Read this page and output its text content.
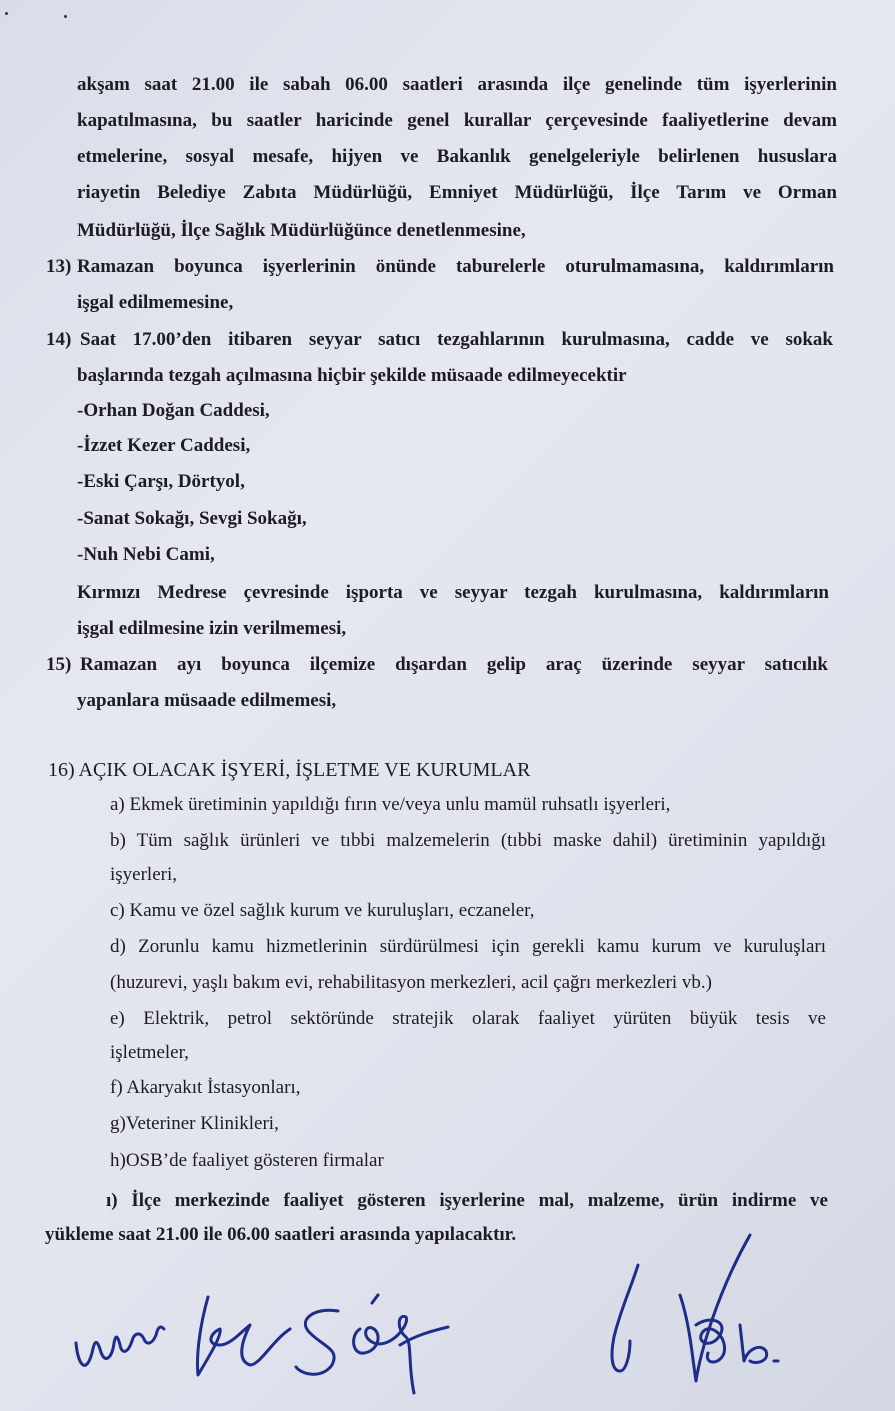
akşam saat 21.00 ile sabah 06.00 saatleri arasında ilçe genelinde tüm işyerlerinin
kapatılmasına, bu saatler haricinde genel kurallar çerçevesinde faaliyetlerine devam
etmelerine, sosyal mesafe, hijyen ve Bakanlık genelgeleriyle belirlenen hususlara
riayetin Belediye Zabıta Müdürlüğü, Emniyet Müdürlüğü, İlçe Tarım ve Orman
Müdürlüğü, İlçe Sağlık Müdürlüğünce denetlenmesine,
13) Ramazan boyunca işyerlerinin önünde taburelerle oturulmamasına, kaldırımların
işgal edilmemesine,
14) Saat 17.00’den itibaren seyyar satıcı tezgahlarının kurulmasına, cadde ve sokak
başlarında tezgah açılmasına hiçbir şekilde müsaade edilmeyecektir
-Orhan Doğan Caddesi,
-İzzet Kezer Caddesi,
-Eski Çarşı, Dörtyol,
-Sanat Sokağı, Sevgi Sokağı,
-Nuh Nebi Cami,
Kırmızı Medrese çevresinde işporta ve seyyar tezgah kurulmasına, kaldırımların
işgal edilmesine izin verilmemesi,
15) Ramazan ayı boyunca ilçemize dışardan gelip araç üzerinde seyyar satıcılık
yapanlara müsaade edilmemesi,
16) AÇIK OLACAK İŞYERİ, İŞLETME VE KURUMLAR
a) Ekmek üretiminin yapıldığı fırın ve/veya unlu mamül ruhsatlı işyerleri,
b) Tüm sağlık ürünleri ve tıbbi malzemelerin (tıbbi maske dahil) üretiminin yapıldığı
işyerleri,
c) Kamu ve özel sağlık kurum ve kuruluşları, eczaneler,
d) Zorunlu kamu hizmetlerinin sürdürülmesi için gerekli kamu kurum ve kuruluşları
(huzurevi, yaşlı bakım evi, rehabilitasyon merkezleri, acil çağrı merkezleri vb.)
e) Elektrik, petrol sektöründe stratejik olarak faaliyet yürüten büyük tesis ve
işletmeler,
f) Akaryakıt İstasyonları,
g)Veteriner Klinikleri,
h)OSB’de faaliyet gösteren firmalar
ı) İlçe merkezinde faaliyet gösteren işyerlerine mal, malzeme, ürün indirme ve
yükleme saat 21.00 ile 06.00 saatleri arasında yapılacaktır.
